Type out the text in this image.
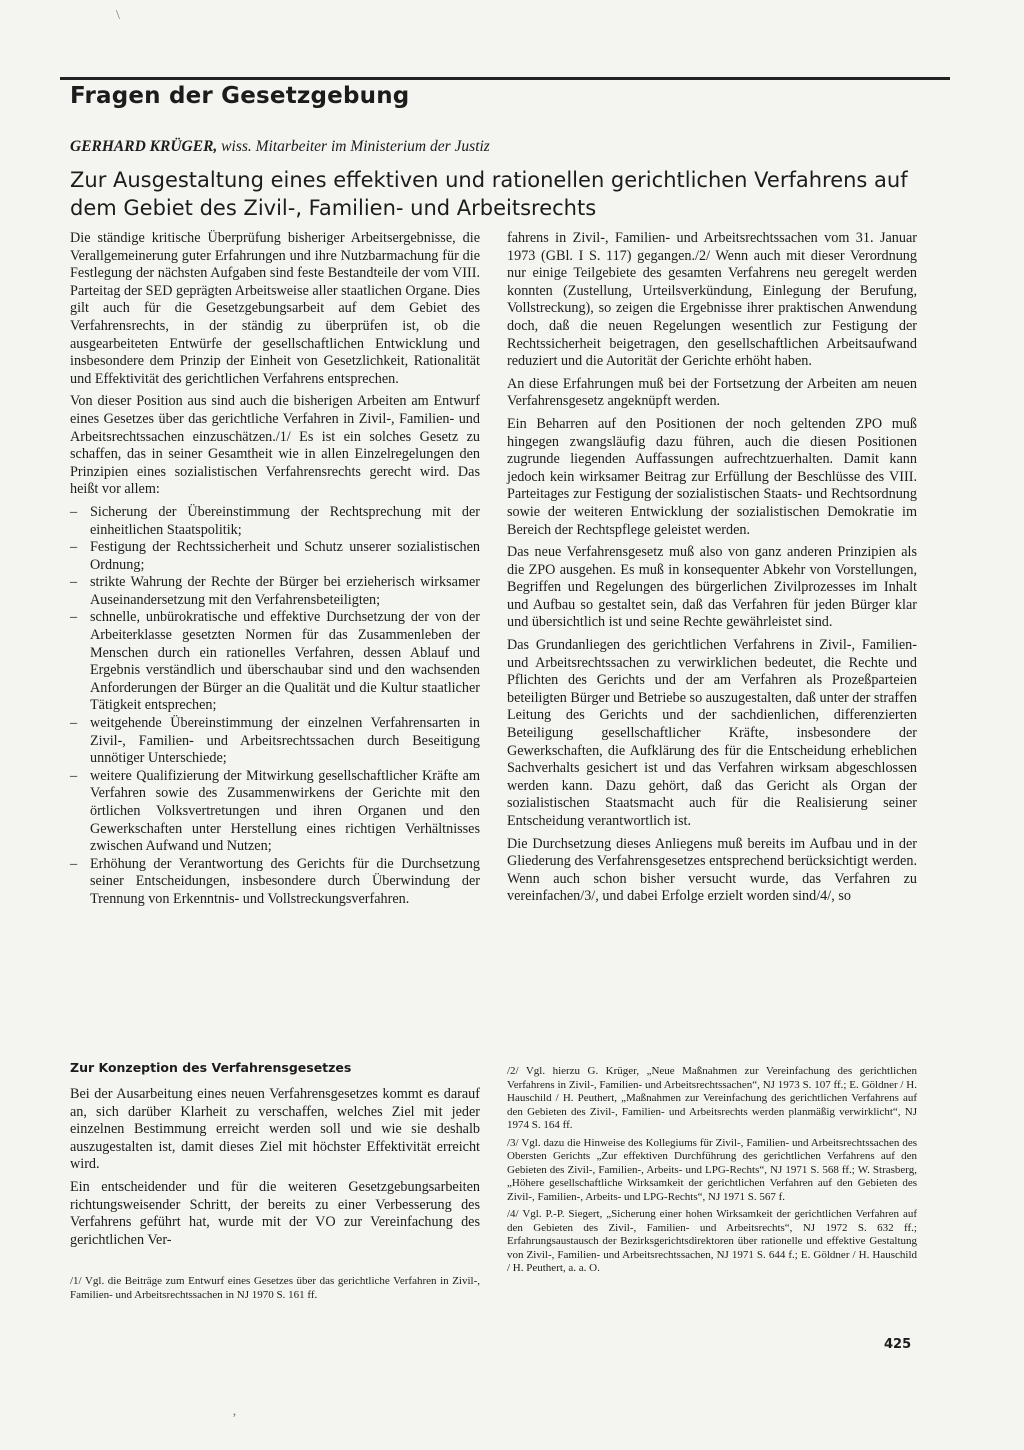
\
‚
Fragen der Gesetzgebung
GERHARD KRÜGER, wiss. Mitarbeiter im Ministerium der Justiz
Zur Ausgestaltung eines effektiven und rationellen gerichtlichen Verfahrens auf dem Gebiet des Zivil-, Familien- und Arbeitsrechts

Die ständige kritische Überprüfung bisheriger Arbeitsergebnisse, die Verallgemeinerung guter Erfahrungen und ihre Nutzbarmachung für die Festlegung der nächsten Aufgaben sind feste Bestandteile der vom VIII. Parteitag der SED geprägten Arbeitsweise aller staatlichen Organe. Dies gilt auch für die Gesetzgebungsarbeit auf dem Gebiet des Verfahrensrechts, in der ständig zu überprüfen ist, ob die ausgearbeiteten Entwürfe der gesellschaftlichen Entwicklung und insbesondere dem Prinzip der Einheit von Gesetzlichkeit, Rationalität und Effektivität des gerichtlichen Verfahrens entsprechen.

Von dieser Position aus sind auch die bisherigen Arbeiten am Entwurf eines Gesetzes über das gerichtliche Verfahren in Zivil-, Familien- und Arbeitsrechtssachen einzuschätzen./1/ Es ist ein solches Gesetz zu schaffen, das in seiner Gesamtheit wie in allen Einzelregelungen den Prinzipien eines sozialistischen Verfahrensrechts gerecht wird. Das heißt vor allem:

– Sicherung der Übereinstimmung der Rechtsprechung mit der einheitlichen Staatspolitik;
– Festigung der Rechtssicherheit und Schutz unserer sozialistischen Ordnung;
– strikte Wahrung der Rechte der Bürger bei erzieherisch wirksamer Auseinandersetzung mit den Verfahrensbeteiligten;
– schnelle, unbürokratische und effektive Durchsetzung der von der Arbeiterklasse gesetzten Normen für das Zusammenleben der Menschen durch ein rationelles Verfahren, dessen Ablauf und Ergebnis verständlich und überschaubar sind und den wachsenden Anforderungen der Bürger an die Qualität und die Kultur staatlicher Tätigkeit entsprechen;
– weitgehende Übereinstimmung der einzelnen Verfahrensarten in Zivil-, Familien- und Arbeitsrechtssachen durch Beseitigung unnötiger Unterschiede;
– weitere Qualifizierung der Mitwirkung gesellschaftlicher Kräfte am Verfahren sowie des Zusammenwirkens der Gerichte mit den örtlichen Volksvertretungen und ihren Organen und den Gewerkschaften unter Herstellung eines richtigen Verhältnisses zwischen Aufwand und Nutzen;
– Erhöhung der Verantwortung des Gerichts für die Durchsetzung seiner Entscheidungen, insbesondere durch Überwindung der Trennung von Erkenntnis- und Vollstreckungsverfahren.
Zur Konzeption des Verfahrensgesetzes

Bei der Ausarbeitung eines neuen Verfahrensgesetzes kommt es darauf an, sich darüber Klarheit zu verschaffen, welches Ziel mit jeder einzelnen Bestimmung erreicht werden soll und wie sie deshalb auszugestalten ist, damit dieses Ziel mit höchster Effektivität erreicht wird.

Ein entscheidender und für die weiteren Gesetzgebungsarbeiten richtungsweisender Schritt, der bereits zu einer Verbesserung des Verfahrens geführt hat, wurde mit der VO zur Vereinfachung des gerichtlichen Ver-

/1/ Vgl. die Beiträge zum Entwurf eines Gesetzes über das gerichtliche Verfahren in Zivil-, Familien- und Arbeitsrechtssachen in NJ 1970 S. 161 ff.

fahrens in Zivil-, Familien- und Arbeitsrechtssachen vom 31. Januar 1973 (GBl. I S. 117) gegangen./2/ Wenn auch mit dieser Verordnung nur einige Teilgebiete des gesamten Verfahrens neu geregelt werden konnten (Zustellung, Urteilsverkündung, Einlegung der Berufung, Vollstreckung), so zeigen die Ergebnisse ihrer praktischen Anwendung doch, daß die neuen Regelungen wesentlich zur Festigung der Rechtssicherheit beigetragen, den gesellschaftlichen Arbeitsaufwand reduziert und die Autorität der Gerichte erhöht haben.

An diese Erfahrungen muß bei der Fortsetzung der Arbeiten am neuen Verfahrensgesetz angeknüpft werden.

Ein Beharren auf den Positionen der noch geltenden ZPO muß hingegen zwangsläufig dazu führen, auch die diesen Positionen zugrunde liegenden Auffassungen aufrechtzuerhalten. Damit kann jedoch kein wirksamer Beitrag zur Erfüllung der Beschlüsse des VIII. Parteitages zur Festigung der sozialistischen Staats- und Rechtsordnung sowie der weiteren Entwicklung der sozialistischen Demokratie im Bereich der Rechtspflege geleistet werden.

Das neue Verfahrensgesetz muß also von ganz anderen Prinzipien als die ZPO ausgehen. Es muß in konsequenter Abkehr von Vorstellungen, Begriffen und Regelungen des bürgerlichen Zivilprozesses im Inhalt und Aufbau so gestaltet sein, daß das Verfahren für jeden Bürger klar und übersichtlich ist und seine Rechte gewährleistet sind.

Das Grundanliegen des gerichtlichen Verfahrens in Zivil-, Familien- und Arbeitsrechtssachen zu verwirklichen bedeutet, die Rechte und Pflichten des Gerichts und der am Verfahren als Prozeßparteien beteiligten Bürger und Betriebe so auszugestalten, daß unter der straffen Leitung des Gerichts und der sachdienlichen, differenzierten Beteiligung gesellschaftlicher Kräfte, insbesondere der Gewerkschaften, die Aufklärung des für die Entscheidung erheblichen Sachverhalts gesichert ist und das Verfahren wirksam abgeschlossen werden kann. Dazu gehört, daß das Gericht als Organ der sozialistischen Staatsmacht auch für die Realisierung seiner Entscheidung verantwortlich ist.

Die Durchsetzung dieses Anliegens muß bereits im Aufbau und in der Gliederung des Verfahrensgesetzes entsprechend berücksichtigt werden. Wenn auch schon bisher versucht wurde, das Verfahren zu vereinfachen/3/, und dabei Erfolge erzielt worden sind/4/, so

/2/ Vgl. hierzu G. Krüger, „Neue Maßnahmen zur Vereinfachung des gerichtlichen Verfahrens in Zivil-, Familien- und Arbeitsrechtssachen“, NJ 1973 S. 107 ff.; E. Göldner / H. Hauschild / H. Peuthert, „Maßnahmen zur Vereinfachung des gerichtlichen Verfahrens auf den Gebieten des Zivil-, Familien- und Arbeitsrechts werden planmäßig verwirklicht“, NJ 1974 S. 164 ff.

/3/ Vgl. dazu die Hinweise des Kollegiums für Zivil-, Familien- und Arbeitsrechtssachen des Obersten Gerichts „Zur effektiven Durchführung des gerichtlichen Verfahrens auf den Gebieten des Zivil-, Familien-, Arbeits- und LPG-Rechts“, NJ 1971 S. 568 ff.; W. Strasberg, „Höhere gesellschaftliche Wirksamkeit der gerichtlichen Verfahren auf den Gebieten des Zivil-, Familien-, Arbeits- und LPG-Rechts“, NJ 1971 S. 567 f.

/4/ Vgl. P.-P. Siegert, „Sicherung einer hohen Wirksamkeit der gerichtlichen Verfahren auf den Gebieten des Zivil-, Familien- und Arbeitsrechts“, NJ 1972 S. 632 ff.; Erfahrungsaustausch der Bezirksgerichtsdirektoren über rationelle und effektive Gestaltung von Zivil-, Familien- und Arbeitsrechtssachen, NJ 1971 S. 644 f.; E. Göldner / H. Hauschild / H. Peuthert, a. a. O.

425
